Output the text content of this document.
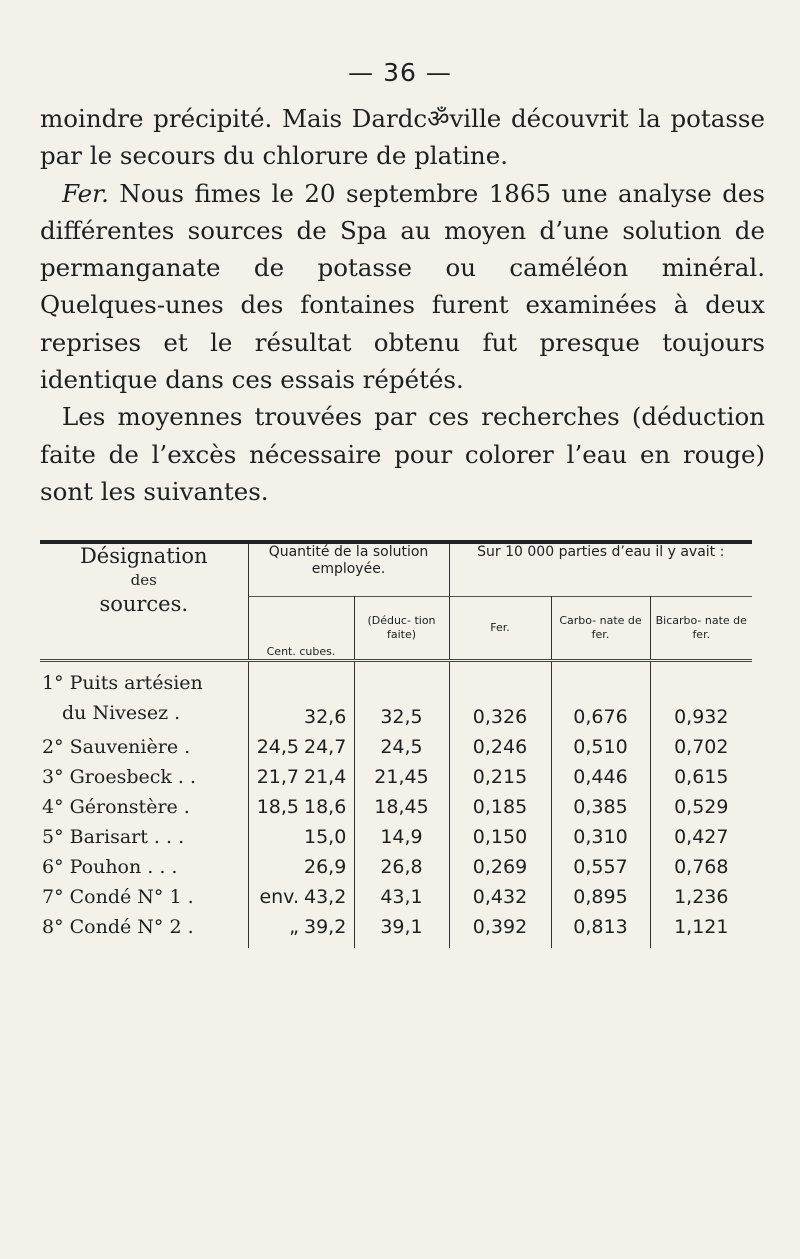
— 36 —

moindre précipité. Mais Dardcॐville découvrit la potasse par le secours du chlorure de platine.

Fer. Nous fimes le 20 septembre 1865 une analyse des différentes sources de Spa au moyen d’une solution de permanganate de potasse ou caméléon minéral. Quelques-unes des fontaines furent examinées à deux reprises et le résultat obtenu fut presque toujours identique dans ces essais répétés.

Les moyennes trouvées par ces recherches (déduction faite de l’excès nécessaire pour colorer l’eau en rouge) sont les suivantes.

Désignation
des
sources.	Quantité de la solution employée.			Sur 10 000 parties d’eau il y avait :		
	Cent. cubes.		(Déduc- tion faite)	Fer.	Carbo- nate de fer.	Bicarbo- nate de fer.

1° Puits artésien
du Nivesez .		32,6	32,5	0,326	0,676	0,932
2° Sauvenière .	24,5	24,7	24,5	0,246	0,510	0,702
3° Groesbeck . .	21,7	21,4	21,45	0,215	0,446	0,615
4° Géronstère .	18,5	18,6	18,45	0,185	0,385	0,529
5° Barisart . . .		15,0	14,9	0,150	0,310	0,427
6° Pouhon . . .		26,9	26,8	0,269	0,557	0,768
7° Condé N° 1 .	env.	43,2	43,1	0,432	0,895	1,236
8° Condé N° 2 .	„	39,2	39,1	0,392	0,813	1,121
